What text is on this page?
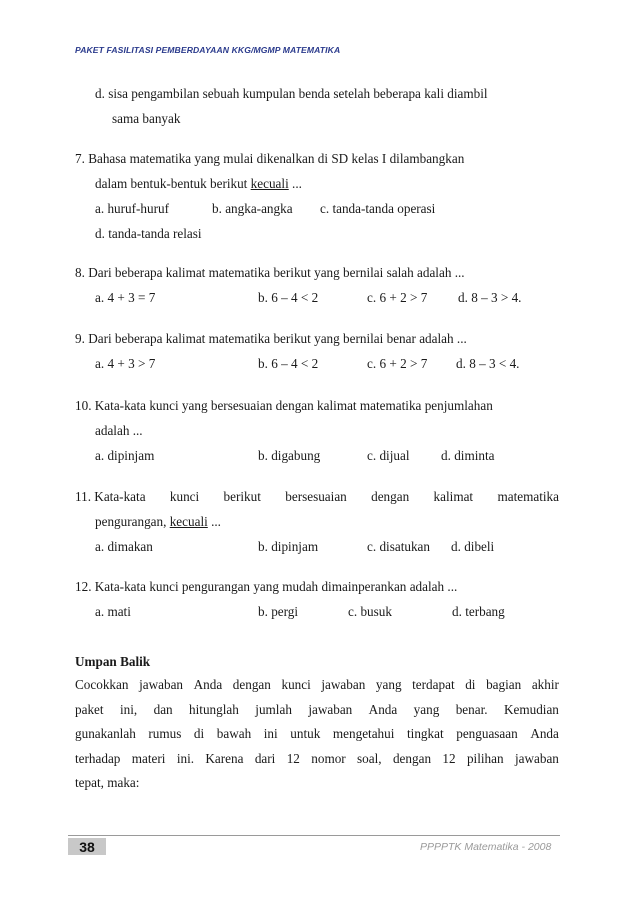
PAKET FASILITASI PEMBERDAYAAN KKG/MGMP MATEMATIKA
d. sisa pengambilan sebuah kumpulan benda setelah beberapa kali diambil
sama banyak
7. Bahasa matematika yang mulai dikenalkan di SD kelas I dilambangkan
dalam bentuk-bentuk berikut kecuali ...
a. huruf-huruf	b. angka-angka c. tanda-tanda operasi
d. tanda-tanda relasi
8. Dari beberapa kalimat matematika berikut yang bernilai salah adalah ...
a. 4 + 3 = 7	b. 6 – 4 < 2	c. 6 + 2 > 7 d. 8 – 3 > 4.
9. Dari beberapa kalimat matematika berikut yang bernilai benar adalah ...
a. 4 + 3 > 7	b. 6 – 4 < 2	c. 6 + 2 > 7 d. 8 – 3 < 4.
10. Kata-kata kunci yang bersesuaian dengan kalimat matematika penjumlahan
adalah ...
a. dipinjam	b. digabung	c. dijual d. diminta
11. Kata-kata kunci berikut bersesuaian dengan kalimat matematika
pengurangan, kecuali ...
a. dimakan	b. dipinjam	c. disatukan d. dibeli
12. Kata-kata kunci pengurangan yang mudah dimainperankan adalah ...
a. mati	b. pergi	c. busuk	d. terbang
Umpan Balik
Cocokkan jawaban Anda dengan kunci jawaban yang terdapat di bagian akhir
paket ini, dan hitunglah jumlah jawaban Anda yang benar. Kemudian
gunakanlah rumus di bawah ini untuk mengetahui tingkat penguasaan Anda
terhadap materi ini. Karena dari 12 nomor soal, dengan 12 pilihan jawaban
tepat, maka:
38	PPPPTK Matematika - 2008
